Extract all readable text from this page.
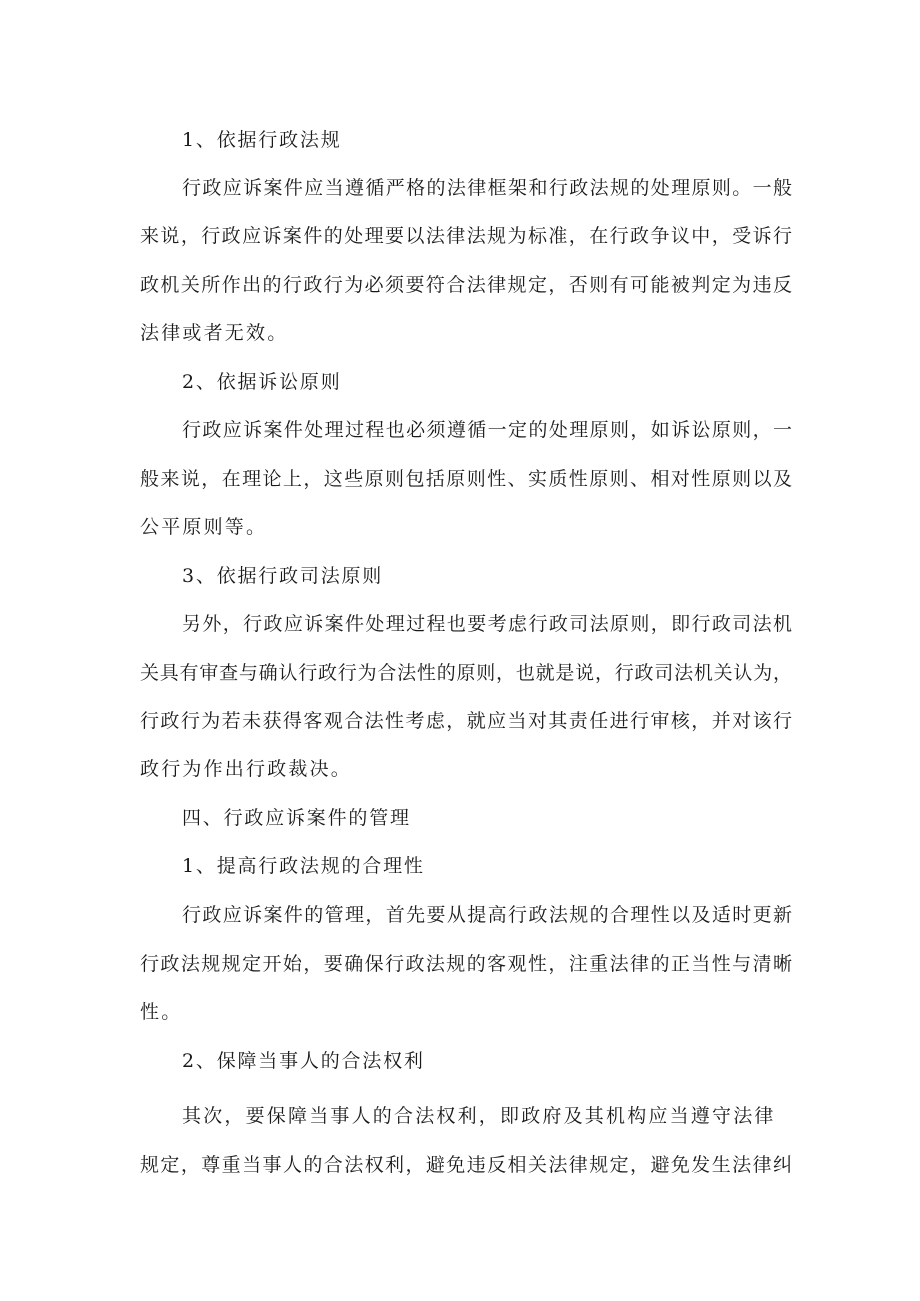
1、依据行政法规
行政应诉案件应当遵循严格的法律框架和行政法规的处理原则。一般
来说，行政应诉案件的处理要以法律法规为标准，在行政争议中，受诉行
政机关所作出的行政行为必须要符合法律规定，否则有可能被判定为违反
法律或者无效。
2、依据诉讼原则
行政应诉案件处理过程也必须遵循一定的处理原则，如诉讼原则，一
般来说，在理论上，这些原则包括原则性、实质性原则、相对性原则以及
公平原则等。
3、依据行政司法原则
另外，行政应诉案件处理过程也要考虑行政司法原则，即行政司法机
关具有审查与确认行政行为合法性的原则，也就是说，行政司法机关认为，
行政行为若未获得客观合法性考虑，就应当对其责任进行审核，并对该行
政行为作出行政裁决。
四、行政应诉案件的管理
1、提高行政法规的合理性
行政应诉案件的管理，首先要从提高行政法规的合理性以及适时更新
行政法规规定开始，要确保行政法规的客观性，注重法律的正当性与清晰
性。
2、保障当事人的合法权利
其次，要保障当事人的合法权利，即政府及其机构应当遵守法律
规定，尊重当事人的合法权利，避免违反相关法律规定，避免发生法律纠
